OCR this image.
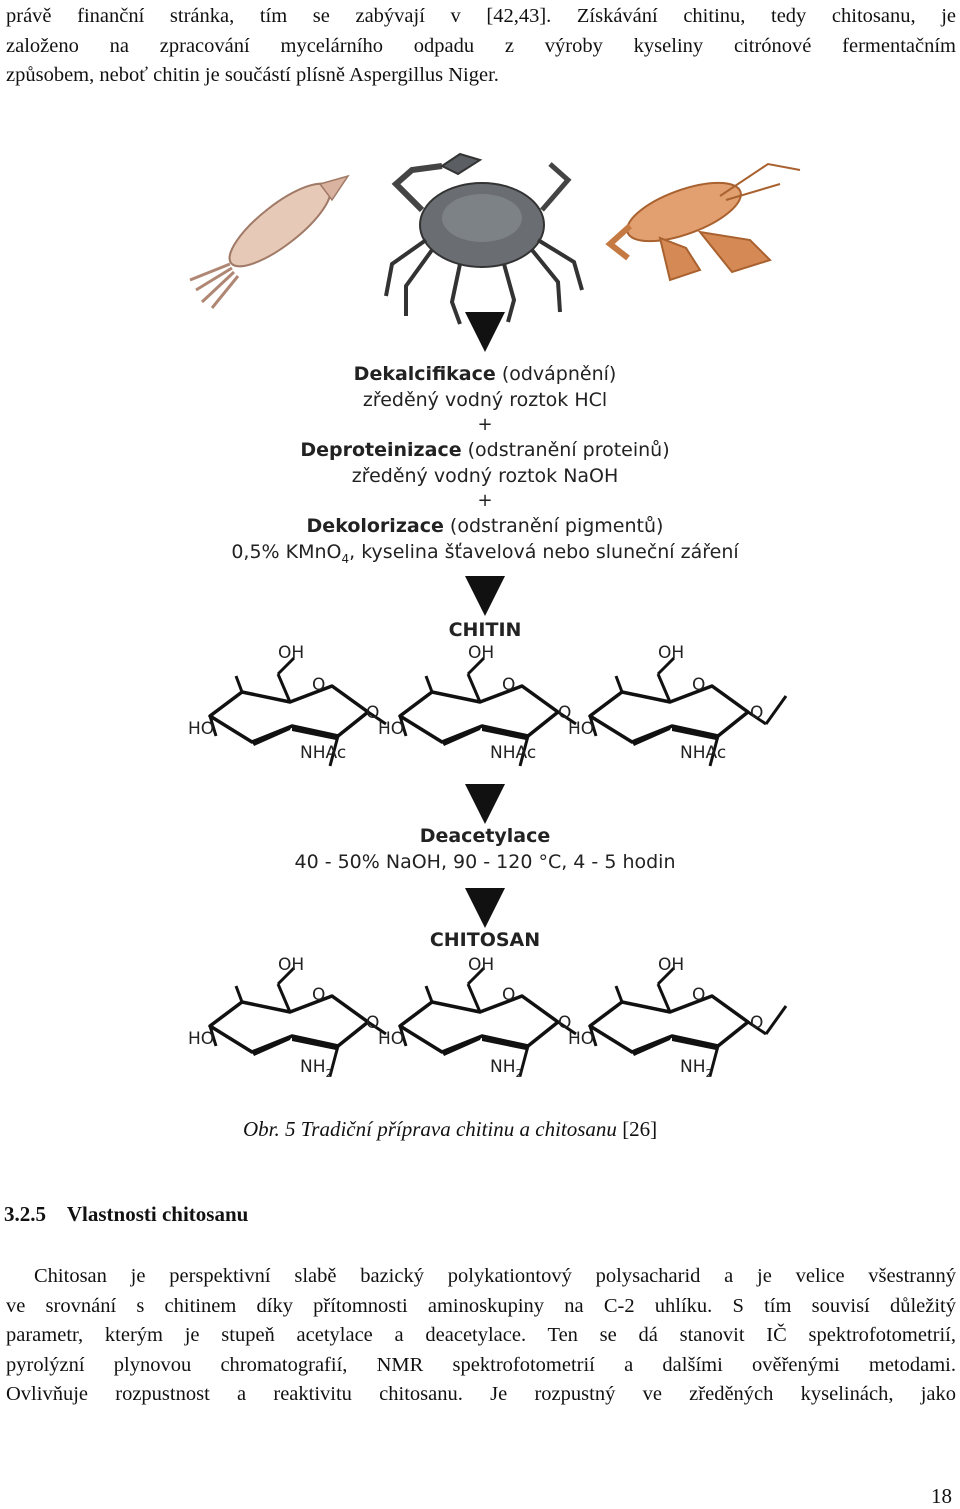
právě finanční stránka, tím se zabývají v [42,43]. Získávání chitinu, tedy chitosanu, je
založeno na zpracování mycelárního odpadu z výroby kyseliny citrónové fermentačním
způsobem, neboť chitin je součástí plísně Aspergillus Niger.
Dekalcifikace (odvápnění)
zředěný vodný roztok HCl
+
Deproteinizace (odstranění proteinů)
zředěný vodný roztok NaOH
+
Dekolorizace (odstranění pigmentů)
0,5% KMnO$_4$, kyselina šťavelová nebo sluneční záření
CHITIN
OH
O
HO
NHAc
O
OH
O
HO
NHAc
O
OH
O
HO
NHAc
O
Deacetylace
40 - 50% NaOH, 90 - 120 °C, 4 - 5 hodin
CHITOSAN
OH
O
HO
$NH_2$
O
OH
O
HO
$NH_2$
O
OH
O
HO
$NH_2$
O
Obr. 5 Tradiční příprava chitinu a chitosanu [26]
3.2.5 Vlastnosti chitosanu
Chitosan je perspektivní slabě bazický polykationtový polysacharid a je velice všestranný
ve srovnání s chitinem díky přítomnosti aminoskupiny na C-2 uhlíku. S tím souvisí důležitý
parametr, kterým je stupeň acetylace a deacetylace. Ten se dá stanovit IČ spektrofotometrií,
pyrolýzní plynovou chromatografií, NMR spektrofotometrií a dalšími ověřenými metodami.
Ovlivňuje rozpustnost a reaktivitu chitosanu. Je rozpustný ve zředěných kyselinách, jako
18
